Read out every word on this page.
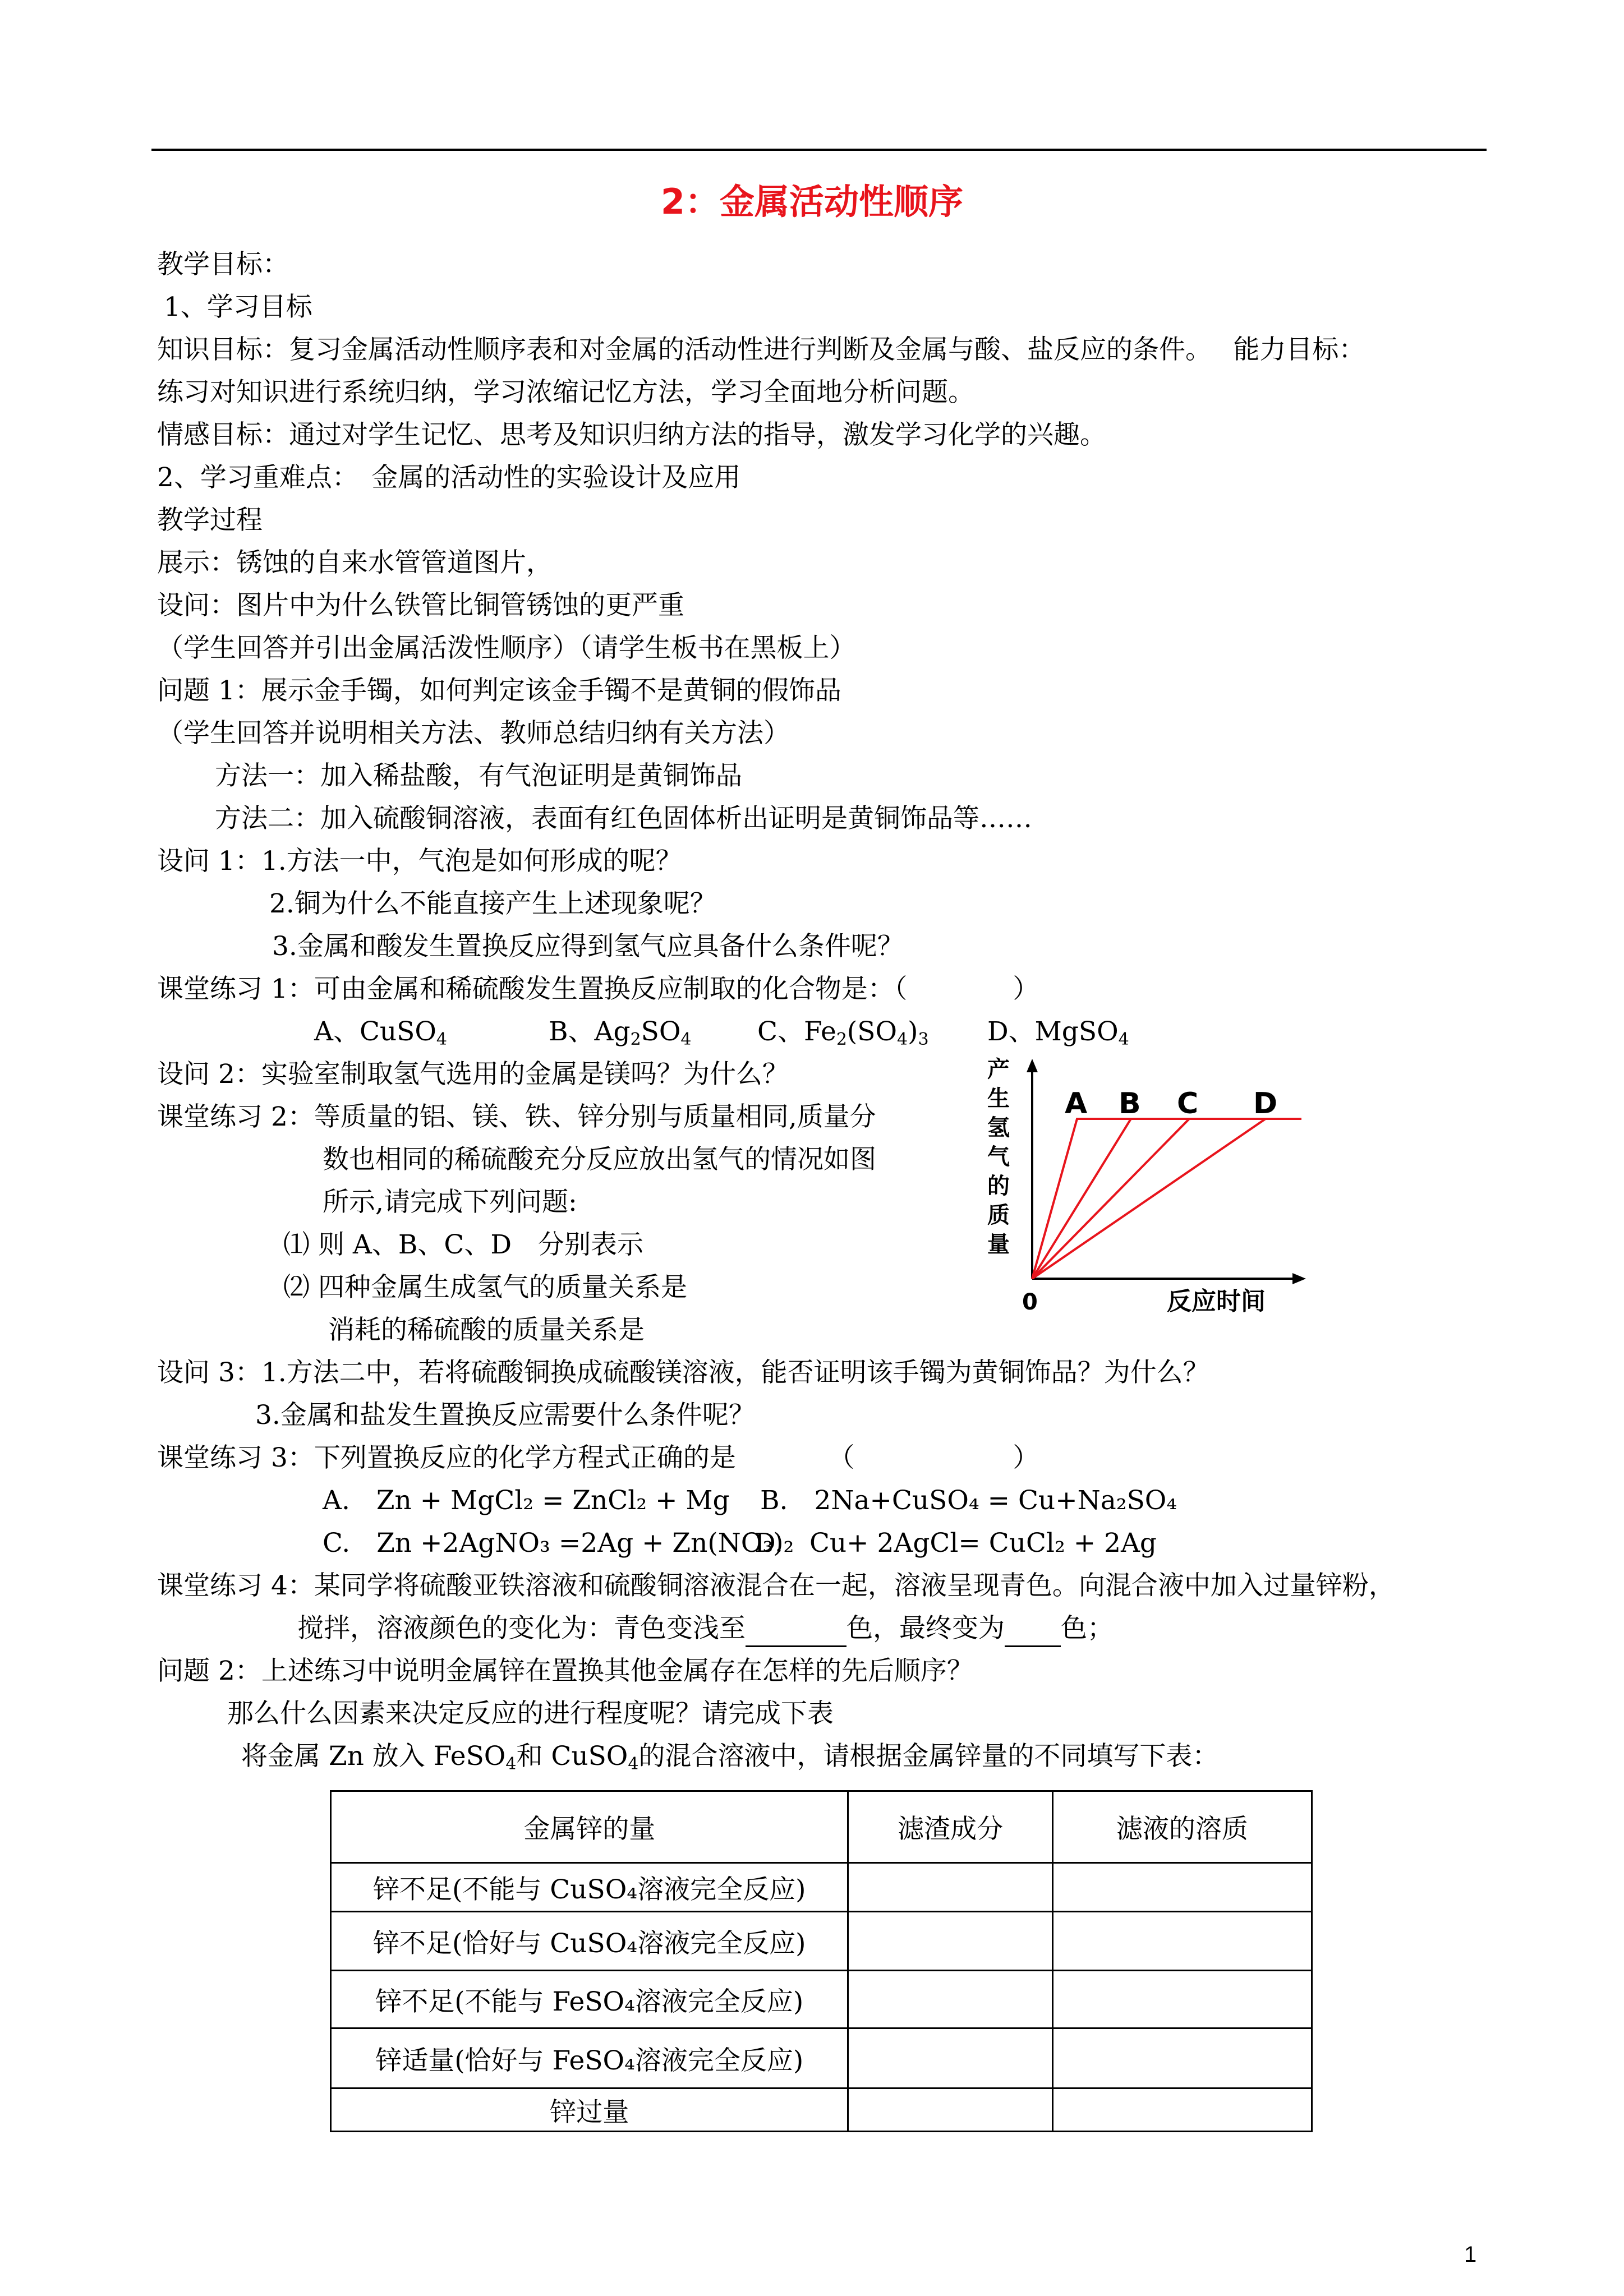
2：金属活动性顺序
教学目标：
1、学习目标
知识目标：复习金属活动性顺序表和对金属的活动性进行判断及金属与酸、盐反应的条件。　 能力目标：
练习对知识进行系统归纳，学习浓缩记忆方法，学习全面地分析问题。
情感目标：通过对学生记忆、思考及知识归纳方法的指导，激发学习化学的兴趣。
2、学习重难点：　金属的活动性的实验设计及应用
教学过程
展示：锈蚀的自来水管管道图片，
设问：图片中为什么铁管比铜管锈蚀的更严重
（学生回答并引出金属活泼性顺序）（请学生板书在黑板上）
问题 1：展示金手镯，如何判定该金手镯不是黄铜的假饰品
（学生回答并说明相关方法、教师总结归纳有关方法）
方法一：加入稀盐酸，有气泡证明是黄铜饰品
方法二：加入硫酸铜溶液，表面有红色固体析出证明是黄铜饰品等……
设问 1：1.方法一中，气泡是如何形成的呢？
2.铜为什么不能直接产生上述现象呢？
3.金属和酸发生置换反应得到氢气应具备什么条件呢？
课堂练习 1：可由金属和稀硫酸发生置换反应制取的化合物是：（　　　　）
A、CuSO$_4$	B、$Ag_2SO_4$	C、$Fe_2(SO_4)_3$ D、MgSO$_4$
设问 2：实验室制取氢气选用的金属是镁吗？为什么？
课堂练习 2：等质量的铝、镁、铁、锌分别与质量相同,质量分
数也相同的稀硫酸充分反应放出氢气的情况如图
所示,请完成下列问题:
⑴ 则 A、B、C、D　分别表示
⑵ 四种金属生成氢气的质量关系是
消耗的稀硫酸的质量关系是
产
生
氢
气
的
质
量
A B C D
0	反应时间
设问 3：1.方法二中，若将硫酸铜换成硫酸镁溶液，能否证明该手镯为黄铜饰品？为什么？
3.金属和盐发生置换反应需要什么条件呢？
课堂练习 3：下列置换反应的化学方程式正确的是　　　　（　　　　　　）
A.　Zn + MgCl₂ = ZnCl₂ + Mg B.　2Na+CuSO₄ = Cu+Na₂SO₄
C.　Zn +2AgNO₃ =2Ag + Zn(NO₃)₂
D.　Cu+ 2AgCl= CuCl₂ + 2Ag
课堂练习 4：某同学将硫酸亚铁溶液和硫酸铜溶液混合在一起，溶液呈现青色。向混合液中加入过量锌粉，
搅拌，溶液颜色的变化为：青色变浅至	色，最终变为 色；
问题 2：上述练习中说明金属锌在置换其他金属存在怎样的先后顺序？
那么什么因素来决定反应的进行程度呢？请完成下表
将金属 Zn 放入 FeSO$_4$和 CuSO$_4$的混合溶液中，请根据金属锌量的不同填写下表：
金属锌的量	滤渣成分	滤液的溶质
锌不足(不能与 CuSO₄溶液完全反应)		
锌不足(恰好与 CuSO₄溶液完全反应)		
锌不足(不能与 FeSO₄溶液完全反应)		
锌适量(恰好与 FeSO₄溶液完全反应)		
锌过量		
1
